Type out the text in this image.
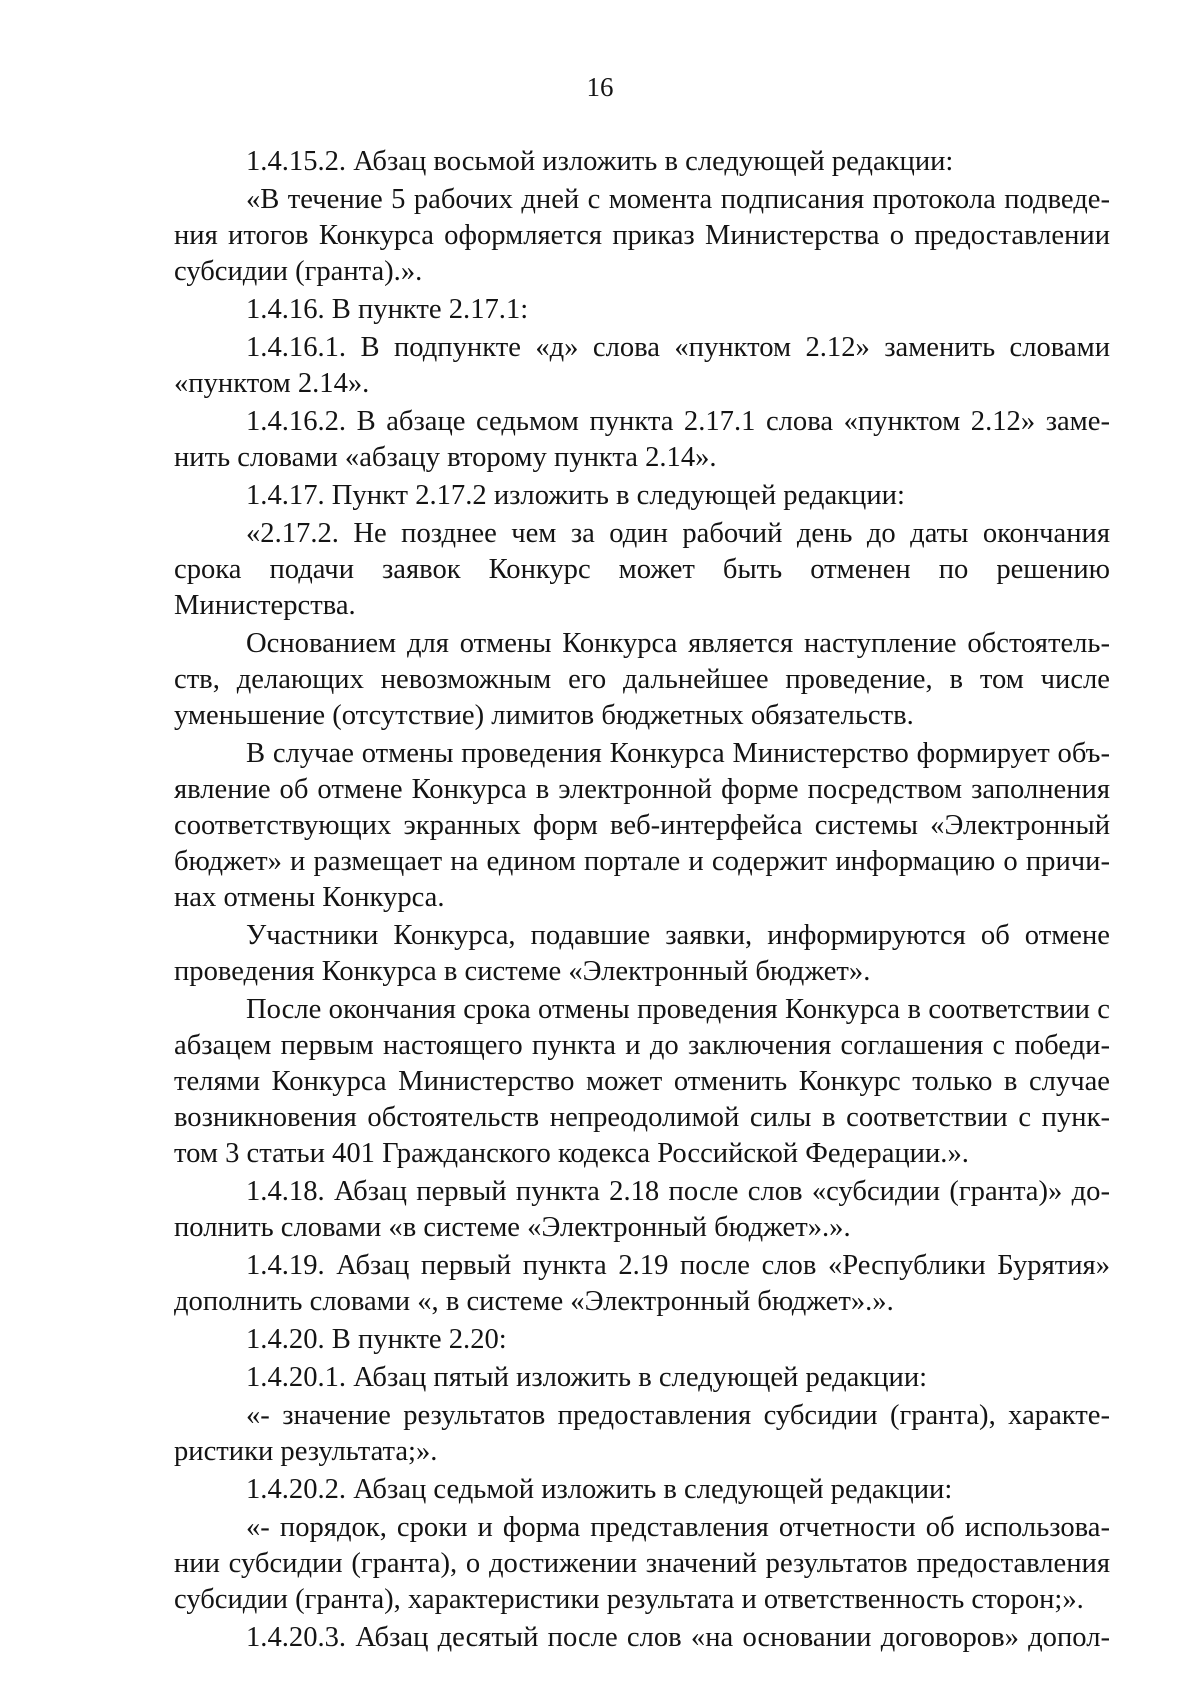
16

1.4.15.2. Абзац восьмой изложить в следующей редакции:

«В течение 5 рабочих дней с момента подписания протокола подведения итогов Конкурса оформляется приказ Министерства о предоставлении субсидии (гранта).».

1.4.16. В пункте 2.17.1:

1.4.16.1. В подпункте «д» слова «пунктом 2.12» заменить словами «пунктом 2.14».

1.4.16.2. В абзаце седьмом пункта 2.17.1 слова «пунктом 2.12» заменить словами «абзацу второму пункта 2.14».

1.4.17. Пункт 2.17.2 изложить в следующей редакции:

«2.17.2. Не позднее чем за один рабочий день до даты окончания срока подачи заявок Конкурс может быть отменен по решению Министерства.

Основанием для отмены Конкурса является наступление обстоятельств, делающих невозможным его дальнейшее проведение, в том числе уменьшение (отсутствие) лимитов бюджетных обязательств.

В случае отмены проведения Конкурса Министерство формирует объявление об отмене Конкурса в электронной форме посредством заполнения соответствующих экранных форм веб-интерфейса системы «Электронный бюджет» и размещает на едином портале и содержит информацию о причинах отмены Конкурса.

Участники Конкурса, подавшие заявки, информируются об отмене проведения Конкурса в системе «Электронный бюджет».

После окончания срока отмены проведения Конкурса в соответствии с абзацем первым настоящего пункта и до заключения соглашения с победителями Конкурса Министерство может отменить Конкурс только в случае возникновения обстоятельств непреодолимой силы в соответствии с пунктом 3 статьи 401 Гражданского кодекса Российской Федерации.».

1.4.18. Абзац первый пункта 2.18 после слов «субсидии (гранта)» дополнить словами «в системе «Электронный бюджет».».

1.4.19. Абзац первый пункта 2.19 после слов «Республики Бурятия» дополнить словами «, в системе «Электронный бюджет».».

1.4.20. В пункте 2.20:

1.4.20.1. Абзац пятый изложить в следующей редакции:

«- значение результатов предоставления субсидии (гранта), характеристики результата;».

1.4.20.2. Абзац седьмой изложить в следующей редакции:

«- порядок, сроки и форма представления отчетности об использовании субсидии (гранта), о достижении значений результатов предоставления субсидии (гранта), характеристики результата и ответственность сторон;».

1.4.20.3. Абзац десятый после слов «на основании договоров» допол-
